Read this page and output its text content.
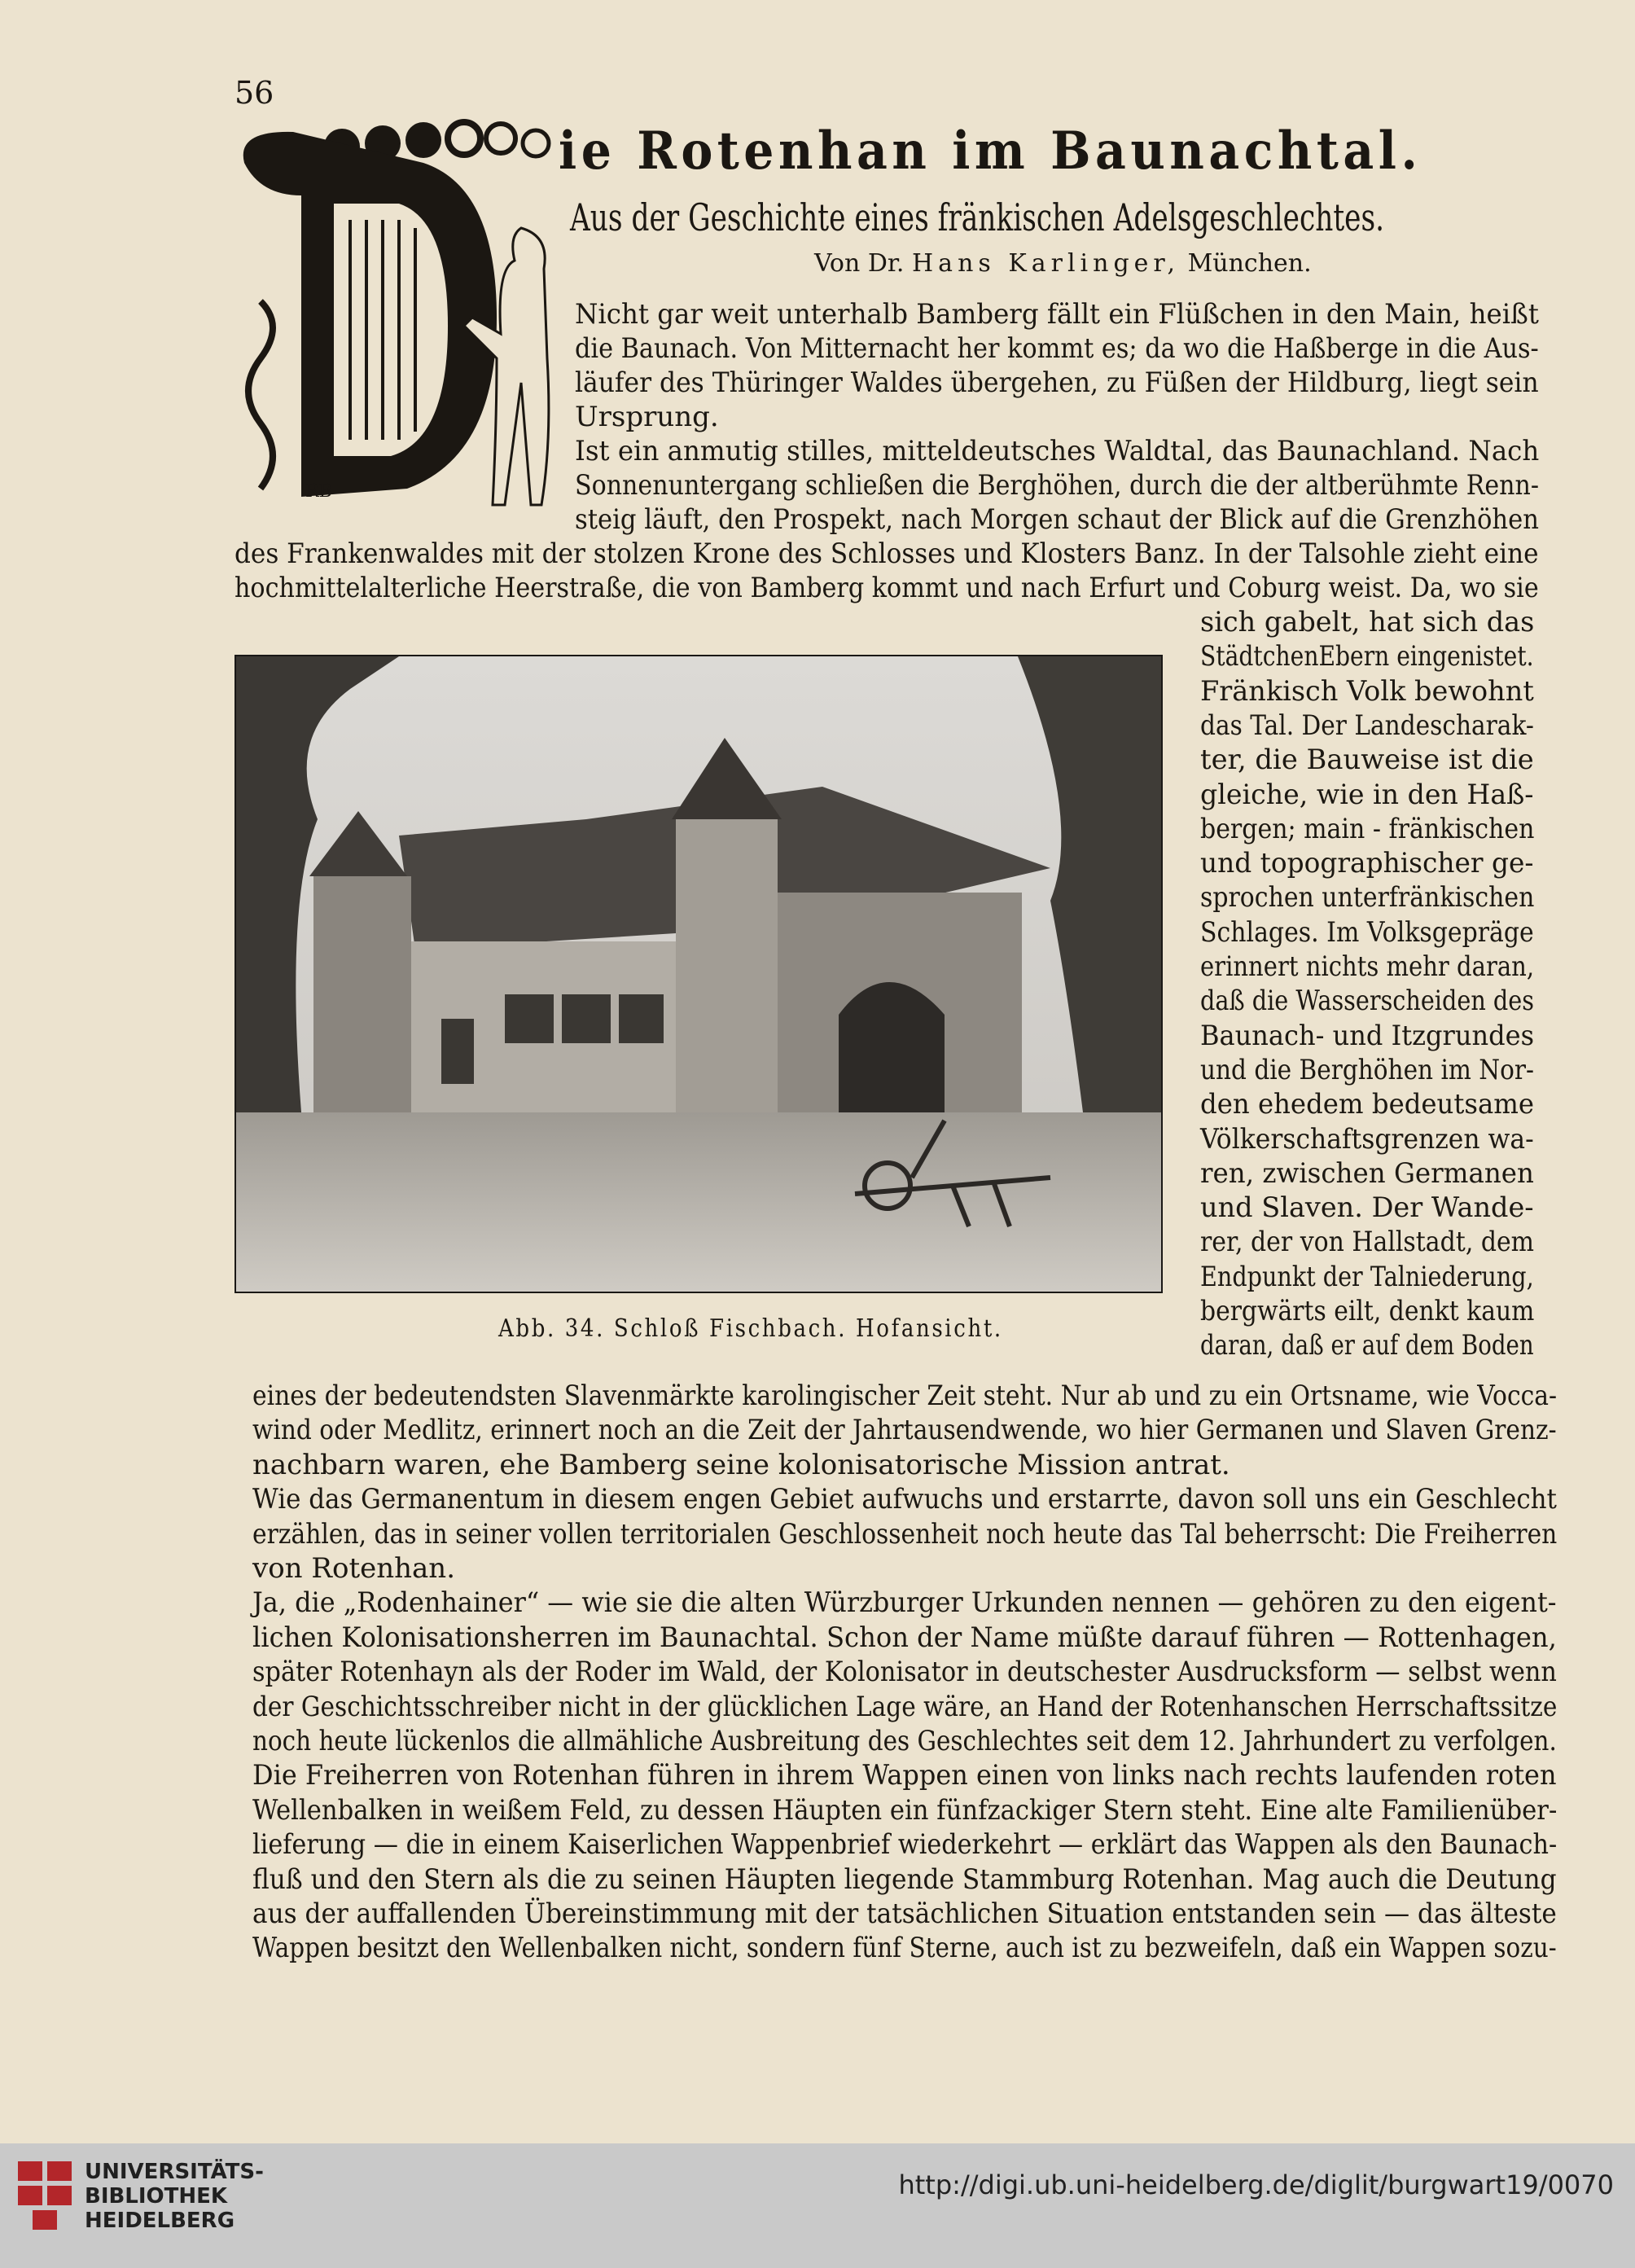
56
RB
ie Rotenhan im Baunachtal.
Aus der Geschichte eines fränkischen Adelsgeschlechtes.
Von Dr. Hans Karlinger, München.
Nicht gar weit unterhalb Bamberg fällt ein Flüßchen in den Main, heißt
die Baunach. Von Mitternacht her kommt es; da wo die Haßberge in die Aus-
läufer des Thüringer Waldes übergehen, zu Füßen der Hildburg, liegt sein
Ursprung.
Ist ein anmutig stilles, mitteldeutsches Waldtal, das Baunachland. Nach
Sonnenuntergang schließen die Berghöhen, durch die der altberühmte Renn-
steig läuft, den Prospekt, nach Morgen schaut der Blick auf die Grenzhöhen
des Frankenwaldes mit der stolzen Krone des Schlosses und Klosters Banz. In der Talsohle zieht eine
hochmittelalterliche Heerstraße, die von Bamberg kommt und nach Erfurt und Coburg weist. Da, wo sie
sich gabelt, hat sich das
StädtchenEbern eingenistet.
Fränkisch Volk bewohnt
das Tal. Der Landescharak-
ter, die Bauweise ist die
gleiche, wie in den Haß-
bergen; main - fränkischen
und topographischer ge-
sprochen unterfränkischen
Schlages. Im Volksgepräge
erinnert nichts mehr daran,
daß die Wasserscheiden des
Baunach- und Itzgrundes
und die Berghöhen im Nor-
den ehedem bedeutsame
Völkerschaftsgrenzen wa-
ren, zwischen Germanen
und Slaven. Der Wande-
rer, der von Hallstadt, dem
Endpunkt der Talniederung,
bergwärts eilt, denkt kaum
daran, daß er auf dem Boden
eines der bedeutendsten Slavenmärkte karolingischer Zeit steht. Nur ab und zu ein Ortsname, wie Vocca-
wind oder Medlitz, erinnert noch an die Zeit der Jahrtausendwende, wo hier Germanen und Slaven Grenz-
nachbarn waren, ehe Bamberg seine kolonisatorische Mission antrat.
Wie das Germanentum in diesem engen Gebiet aufwuchs und erstarrte, davon soll uns ein Geschlecht
erzählen, das in seiner vollen territorialen Geschlossenheit noch heute das Tal beherrscht: Die Freiherren
von Rotenhan.
Ja, die „Rodenhainer“ — wie sie die alten Würzburger Urkunden nennen — gehören zu den eigent-
lichen Kolonisationsherren im Baunachtal. Schon der Name müßte darauf führen — Rottenhagen,
später Rotenhayn als der Roder im Wald, der Kolonisator in deutschester Ausdrucksform — selbst wenn
der Geschichtsschreiber nicht in der glücklichen Lage wäre, an Hand der Rotenhanschen Herrschaftssitze
noch heute lückenlos die allmähliche Ausbreitung des Geschlechtes seit dem 12. Jahrhundert zu verfolgen.
Die Freiherren von Rotenhan führen in ihrem Wappen einen von links nach rechts laufenden roten
Wellenbalken in weißem Feld, zu dessen Häupten ein fünfzackiger Stern steht. Eine alte Familienüber-
lieferung — die in einem Kaiserlichen Wappenbrief wiederkehrt — erklärt das Wappen als den Baunach-
fluß und den Stern als die zu seinen Häupten liegende Stammburg Rotenhan. Mag auch die Deutung
aus der auffallenden Übereinstimmung mit der tatsächlichen Situation entstanden sein — das älteste
Wappen besitzt den Wellenbalken nicht, sondern fünf Sterne, auch ist zu bezweifeln, daß ein Wappen sozu-
Abb. 34. Schloß Fischbach. Hofansicht.
UNIVERSITÄTS-
BIBLIOTHEK
HEIDELBERG
http://digi.ub.uni-heidelberg.de/diglit/burgwart19/0070
